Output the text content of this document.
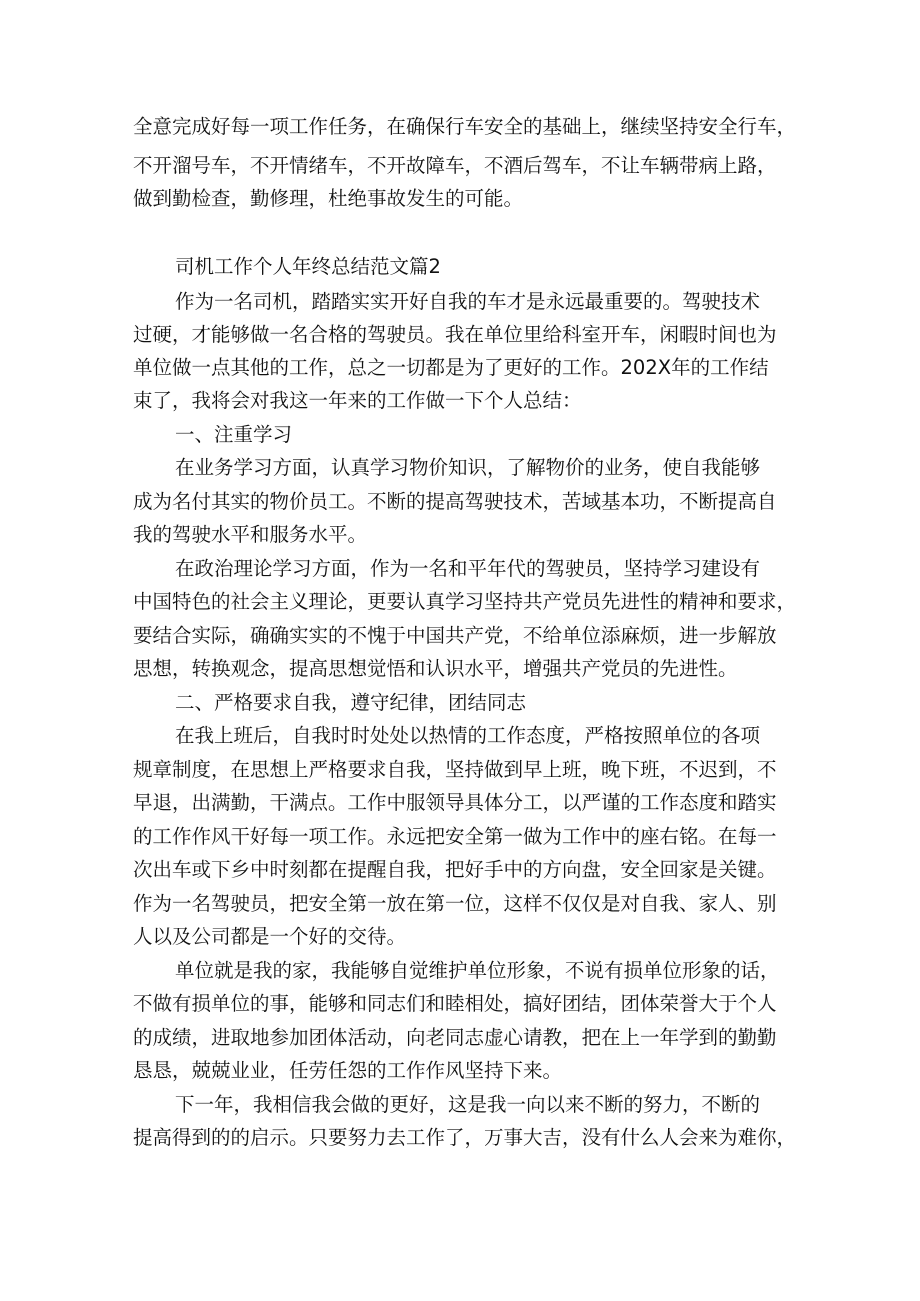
全意完成好每一项工作任务，在确保行车安全的基础上，继续坚持安全行车，
不开溜号车，不开情绪车，不开故障车，不酒后驾车，不让车辆带病上路，
做到勤检查，勤修理，杜绝事故发生的可能。
司机工作个人年终总结范文篇2
作为一名司机，踏踏实实开好自我的车才是永远最重要的。驾驶技术
过硬，才能够做一名合格的驾驶员。我在单位里给科室开车，闲暇时间也为
单位做一点其他的工作，总之一切都是为了更好的工作。202X年的工作结
束了，我将会对我这一年来的工作做一下个人总结：
一、注重学习
在业务学习方面，认真学习物价知识，了解物价的业务，使自我能够
成为名付其实的物价员工。不断的提高驾驶技术，苦域基本功，不断提高自
我的驾驶水平和服务水平。
在政治理论学习方面，作为一名和平年代的驾驶员，坚持学习建设有
中国特色的社会主义理论，更要认真学习坚持共产党员先进性的精神和要求，
要结合实际，确确实实的不愧于中国共产党，不给单位添麻烦，进一步解放
思想，转换观念，提高思想觉悟和认识水平，增强共产党员的先进性。
二、严格要求自我，遵守纪律，团结同志
在我上班后，自我时时处处以热情的工作态度，严格按照单位的各项
规章制度，在思想上严格要求自我，坚持做到早上班，晚下班，不迟到，不
早退，出满勤，干满点。工作中服领导具体分工，以严谨的工作态度和踏实
的工作作风干好每一项工作。永远把安全第一做为工作中的座右铭。在每一
次出车或下乡中时刻都在提醒自我，把好手中的方向盘，安全回家是关键。
作为一名驾驶员，把安全第一放在第一位，这样不仅仅是对自我、家人、别
人以及公司都是一个好的交待。
单位就是我的家，我能够自觉维护单位形象，不说有损单位形象的话，
不做有损单位的事，能够和同志们和睦相处，搞好团结，团体荣誉大于个人
的成绩，进取地参加团体活动，向老同志虚心请教，把在上一年学到的勤勤
恳恳，兢兢业业，任劳任怨的工作作风坚持下来。
下一年，我相信我会做的更好，这是我一向以来不断的努力，不断的
提高得到的的启示。只要努力去工作了，万事大吉，没有什么人会来为难你，
